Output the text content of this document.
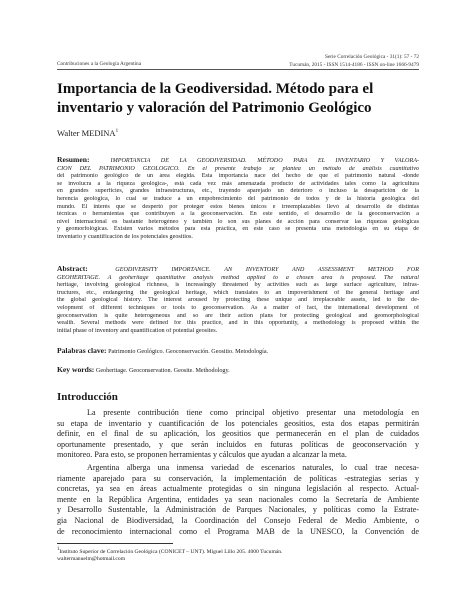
Contribuciones a la Geología Argentina
Serie Correlación Geológica - 31(1): 57 - 72
Tucumán, 2015 - ISSN 1514-4186 - ISSN on-line 1666-9479
Importancia de la Geodiversidad. Método para el
inventario y valoración del Patrimonio Geológico
Walter MEDINA$^1$
Resumen:	IMPORTANCIA DE LA GEODIVERSIDAD. MÉTODO PARA EL INVENTARIO Y VALORA-
CIÓN DEL PATRIMONIO GEOLÓGICO. En el presente trabajo se plantea un método de análisis cuantitativo
del patrimonio geológico de un área elegida. Esta importancia nace del hecho de que el patrimonio natural -donde
se involucra a la riqueza geológica-, está cada vez más amenazada producto de actividades tales como la agricultura
en grandes superficies, grandes infraestructuras, etc., trayendo aparejado un deterioro o incluso la desaparición de la
herencia geológica, lo cual se traduce a un empobrecimiento del patrimonio de todos y de la historia geológica del
mundo. El interés que se despertó por proteger estos bienes únicos e irreemplazables llevó al desarrollo de distintas
técnicas o herramientas que contribuyen a la geoconservación. En este sentido, el desarrollo de la geoconservación a
nivel internacional es bastante heterogéneo y también lo son sus planes de acción para conservar las riquezas geológicas
y geomorfológicas. Existen varios métodos para esta práctica, en este caso se presenta una metodología en su etapa de
inventario y cuantificación de los potenciales geositios.
Abstract:	GEODIVERSITY IMPORTANCE. AN INVENTORY AND ASSESSMENT METHOD FOR
GEOHERITAGE. A geoheritage quantitative analysis method applied to a chosen area is proposed. The natural
heritage, involving geological richness, is increasingly threatened by activities such as large surface agriculture, infras-
tructures, etc., endangering the geological heritage, which translates to an impoverishment of the general heritage and
the global geological history. The interest aroused by protecting these unique and irreplaceable assets, led to the de-
velopment of different techniques or tools to geoconservation. As a matter of fact, the international development of
geoconservation is quite heterogeneous and so are their action plans for protecting geological and geomorphological
wealth. Several methods were defined for this practice, and in this opportunity, a methodology is proposed within the
initial phase of inventory and quantification of potential geosites.
Palabras clave: Patrimonio Geológico. Geoconservación. Geositio. Metodología.
Key words: Geoheritage. Geoconservation. Geosite. Methodology.
Introducción
La presente contribución tiene como principal objetivo presentar una metodología en
su etapa de inventario y cuantificación de los potenciales geositios, esta dos etapas permitirán
definir, en el final de su aplicación, los geositios que permanecerán en el plan de cuidados
oportunamente presentado, y que serán incluidos en futuras políticas de geoconservación y
monitoreo. Para esto, se proponen herramientas y cálculos que ayudan a alcanzar la meta.
Argentina alberga una inmensa variedad de escenarios naturales, lo cual trae necesa-
riamente aparejado para su conservación, la implementación de políticas -estrategias serias y
concretas, ya sea en áreas actualmente protegidas o sin ninguna legislación al respecto. Actual-
mente en la República Argentina, entidades ya sean nacionales como la Secretaría de Ambiente
y Desarrollo Sustentable, la Administración de Parques Nacionales, y políticas como la Estrate-
gia Nacional de Biodiversidad, la Coordinación del Consejo Federal de Medio Ambiente, o
de reconocimiento internacional como el Programa MAB de la UNESCO, la Convención de
$^1$Instituto Superior de Correlación Geológica (CONICET – UNT). Miguel Lillo 205. 4000 Tucumán.
waltermanuelm@hotmail.com
